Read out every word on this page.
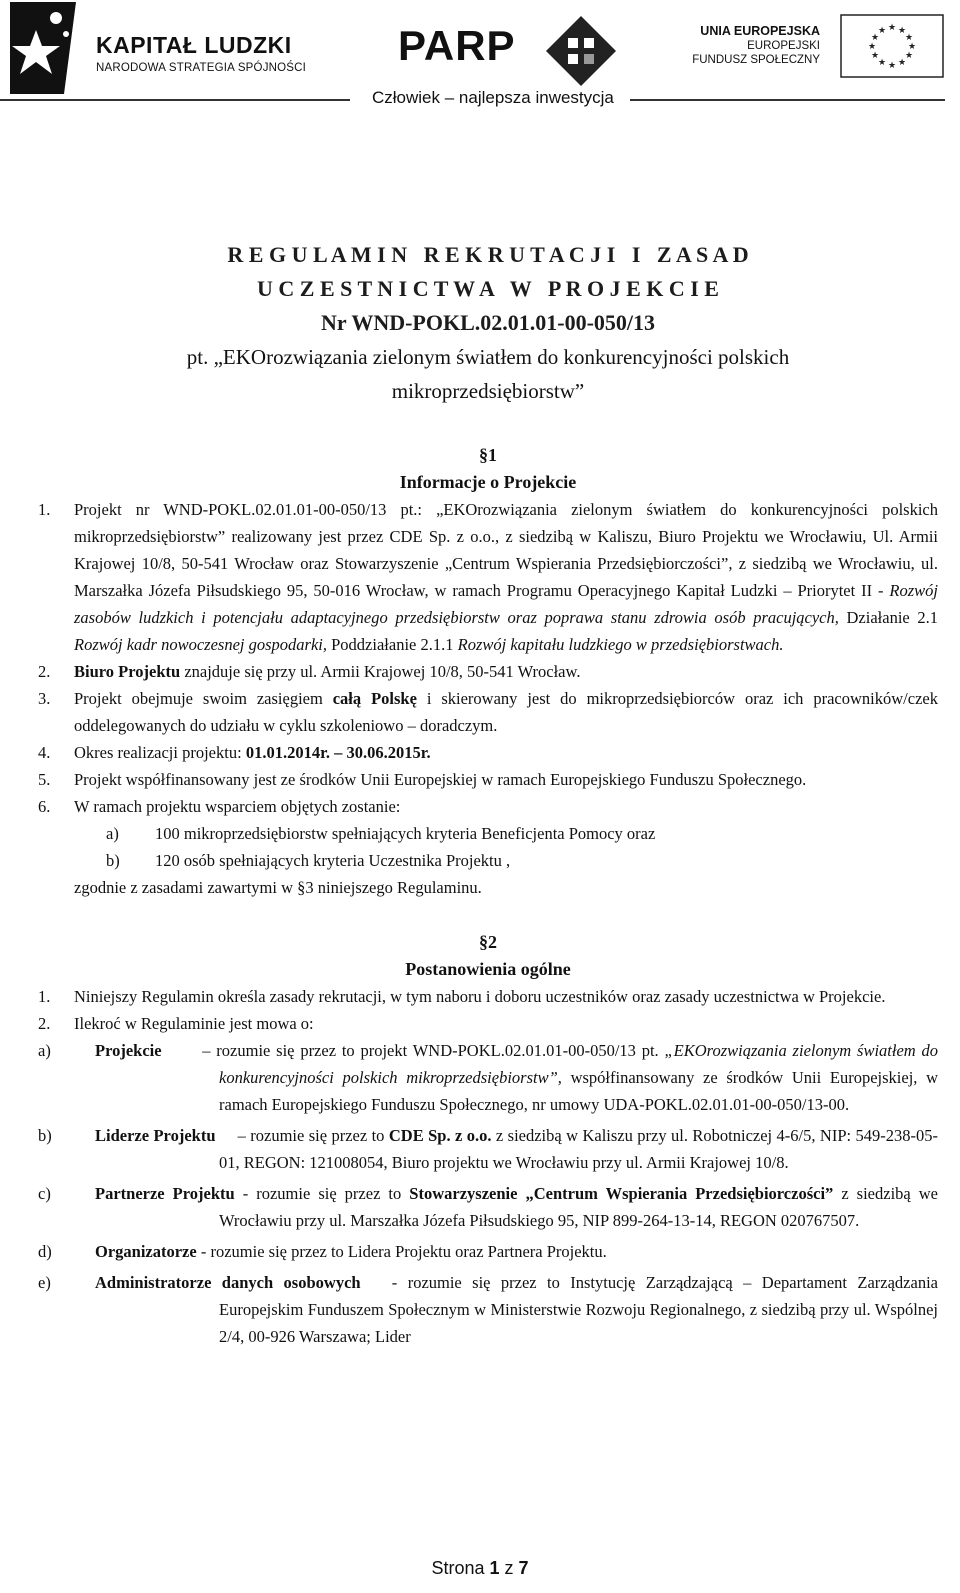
KAPITAŁ LUDZKI
NARODOWA STRATEGIA SPÓJNOŚCI PARP	UNIA EUROPEJSKA
EUROPEJSKI
FUNDUSZ SPOŁECZNY
★ ★
★
★
★
★
★
★
★
★
★
★
Człowiek – najlepsza inwestycja
R E G U L A M I N   R E K R U T A C J I   I   Z A S A D
U C Z E S T N I C T W A   W   P R O J E K C I E
Nr WND-POKL.02.01.01-00-050/13
pt. „EKOrozwiązania zielonym światłem do konkurencyjności polskich
mikroprzedsiębiorstw”
§1
Informacje o Projekcie
1.	Projekt nr WND-POKL.02.01.01-00-050/13 pt.: „EKOrozwiązania zielonym światłem do konkurencyjności polskich mikroprzedsiębiorstw” realizowany jest przez CDE Sp. z o.o., z siedzibą w Kaliszu, Biuro Projektu we Wrocławiu, Ul. Armii Krajowej 10/8, 50-541 Wrocław oraz Stowarzyszenie „Centrum Wspierania Przedsiębiorczości”, z siedzibą we Wrocławiu, ul. Marszałka Józefa Piłsudskiego 95, 50-016 Wrocław, w ramach Programu Operacyjnego Kapitał Ludzki – Priorytet II - Rozwój zasobów ludzkich i potencjału adaptacyjnego przedsiębiorstw oraz poprawa stanu zdrowia osób pracujących, Działanie 2.1 Rozwój kadr nowoczesnej gospodarki, Poddziałanie 2.1.1 Rozwój kapitału ludzkiego w przedsiębiorstwach.
2.	Biuro Projektu znajduje się przy ul. Armii Krajowej 10/8, 50-541 Wrocław.
3.	Projekt obejmuje swoim zasięgiem całą Polskę i skierowany jest do mikroprzedsiębiorców oraz ich pracowników/czek oddelegowanych do udziału w cyklu szkoleniowo – doradczym.
4.	Okres realizacji projektu: 01.01.2014r. – 30.06.2015r.
5.	Projekt współfinansowany jest ze środków Unii Europejskiej w ramach Europejskiego Funduszu Społecznego.
6.	W ramach projektu wsparciem objętych zostanie:
a)	100 mikroprzedsiębiorstw spełniających kryteria Beneficjenta Pomocy oraz
b)	120 osób spełniających kryteria Uczestnika Projektu ,
zgodnie z zasadami zawartymi w §3 niniejszego Regulaminu.
§2
Postanowienia ogólne
1.	Niniejszy Regulamin określa zasady rekrutacji, w tym naboru i doboru uczestników oraz zasady uczestnictwa w Projekcie.
2.	Ilekroć w Regulaminie jest mowa o:
a)	Projekcie       – rozumie się przez to projekt WND-POKL.02.01.01-00-050/13 pt. „EKOrozwiązania zielonym światłem do konkurencyjności polskich mikroprzedsiębiorstw”, współfinansowany ze środków Unii Europejskiej, w ramach Europejskiego Funduszu Społecznego, nr umowy UDA-POKL.02.01.01-00-050/13-00.
b)	Liderze Projektu     – rozumie się przez to CDE Sp. z o.o. z siedzibą w Kaliszu przy ul. Robotniczej 4-6/5, NIP: 549-238-05-01, REGON: 121008054, Biuro projektu we Wrocławiu przy ul. Armii Krajowej 10/8.
c)	Partnerze Projektu - rozumie się przez to Stowarzyszenie „Centrum Wspierania Przedsiębiorczości” z siedzibą we Wrocławiu przy ul. Marszałka Józefa Piłsudskiego 95, NIP 899-264-13-14, REGON 020767507.
d)	Organizatorze - rozumie się przez to Lidera Projektu oraz Partnera Projektu.
e)	Administratorze danych osobowych   - rozumie się przez to Instytucję Zarządzającą – Departament Zarządzania Europejskim Funduszem Społecznym w Ministerstwie Rozwoju Regionalnego, z siedzibą przy ul. Wspólnej 2/4, 00-926 Warszawa; Lider
Strona 1 z 7
